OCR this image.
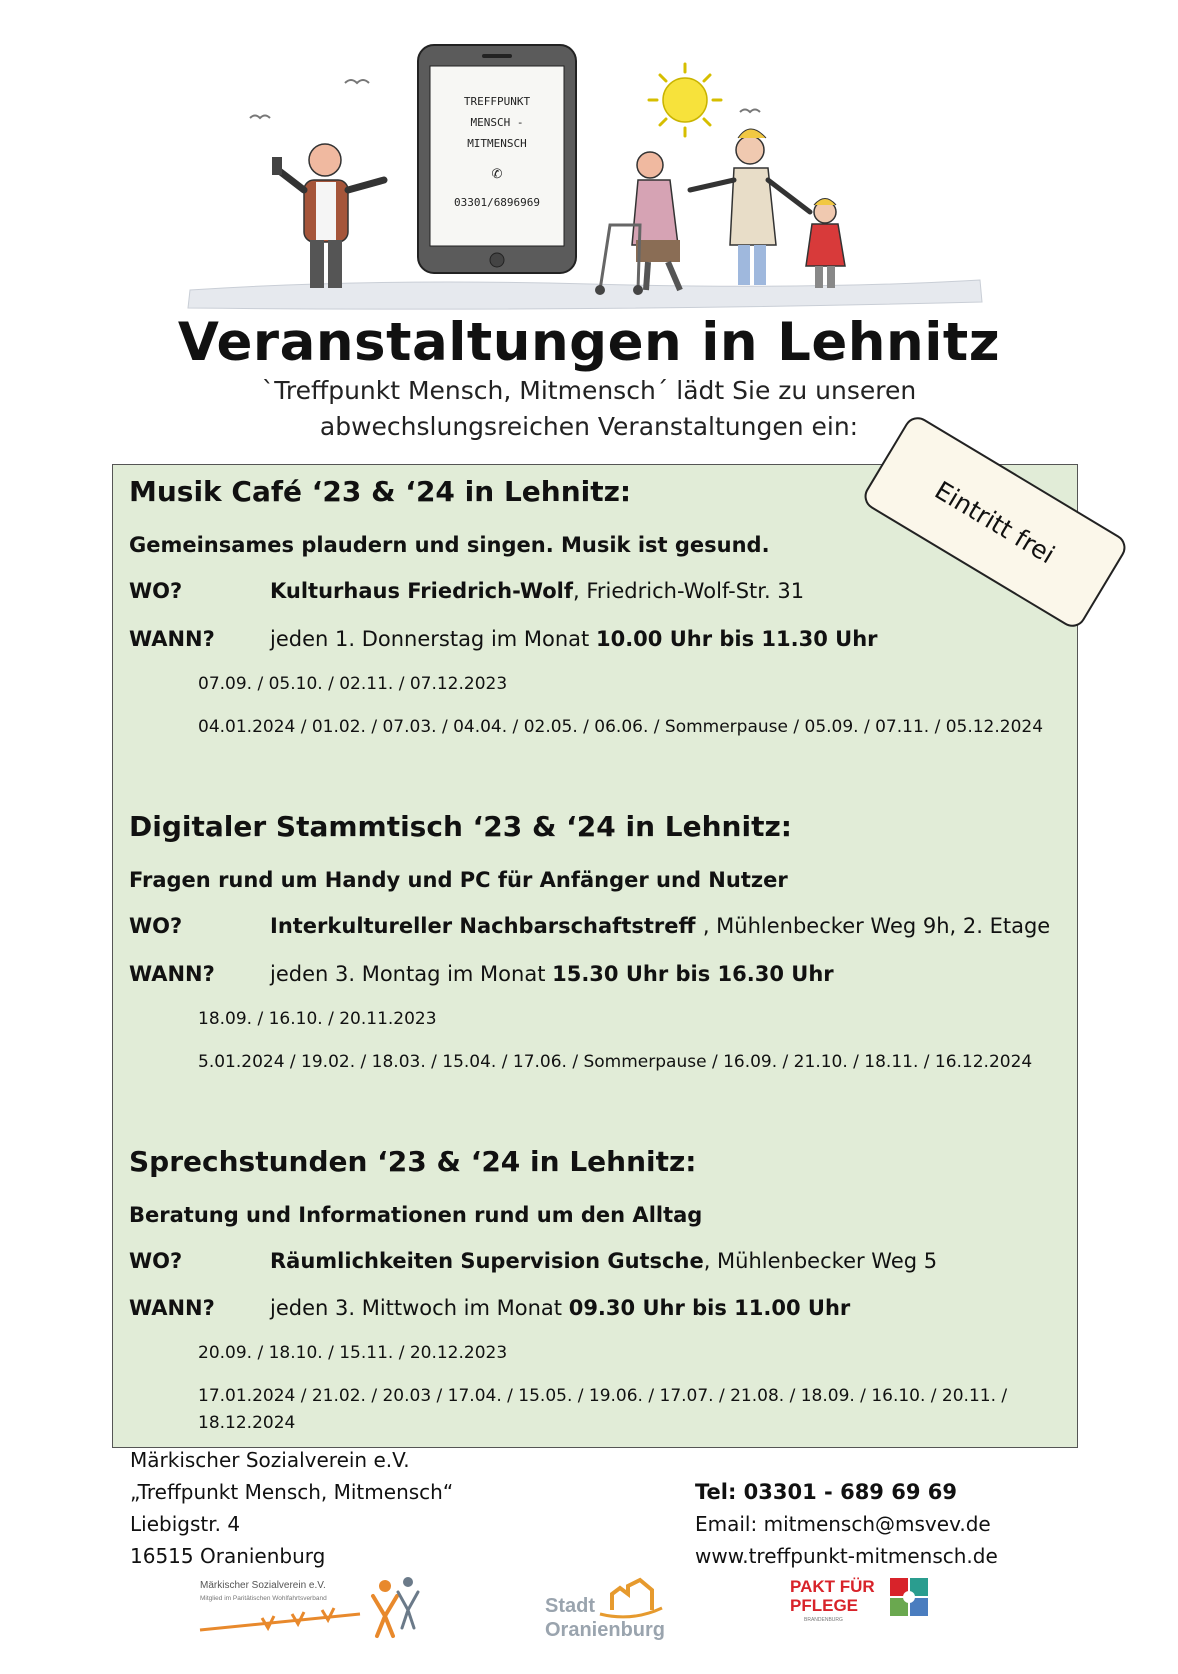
TREFFPUNKT
MENSCH -
MITMENSCH
✆
03301/6896969
Veranstaltungen in Lehnitz
`Treffpunkt Mensch, Mitmensch´ lädt Sie zu unseren
abwechslungsreichen Veranstaltungen ein:
Musik Café ‘23 & ‘24 in Lehnitz:
Gemeinsames plaudern und singen. Musik ist gesund.
WO?	Kulturhaus Friedrich-Wolf, Friedrich-Wolf-Str. 31
WANN?	jeden 1. Donnerstag im Monat 10.00 Uhr bis 11.30 Uhr
07.09. / 05.10. / 02.11. / 07.12.2023
04.01.2024 / 01.02. / 07.03. / 04.04. / 02.05. / 06.06. / Sommerpause / 05.09. / 07.11. / 05.12.2024
Digitaler Stammtisch ‘23 & ‘24 in Lehnitz:
Fragen rund um Handy und PC für Anfänger und Nutzer
WO?	Interkultureller Nachbarschaftstreff , Mühlenbecker Weg 9h, 2. Etage
WANN?	jeden 3. Montag im Monat 15.30 Uhr bis 16.30 Uhr
18.09. / 16.10. / 20.11.2023
5.01.2024 / 19.02. / 18.03. / 15.04. / 17.06. / Sommerpause / 16.09. / 21.10. / 18.11. / 16.12.2024
Sprechstunden ‘23 & ‘24 in Lehnitz:
Beratung und Informationen rund um den Alltag
WO?	Räumlichkeiten Supervision Gutsche, Mühlenbecker Weg 5
WANN?	jeden 3. Mittwoch im Monat 09.30 Uhr bis 11.00 Uhr
20.09. / 18.10. / 15.11. / 20.12.2023
17.01.2024 / 21.02. / 20.03 / 17.04. / 15.05. / 19.06. / 17.07. / 21.08. / 18.09. / 16.10. / 20.11. / 18.12.2024
Eintritt frei
Märkischer Sozialverein e.V.
„Treffpunkt Mensch, Mitmensch“
Liebigstr. 4
16515 Oranienburg
Tel: 03301 - 689 69 69
Email: mitmensch@msvev.de
www.treffpunkt-mitmensch.de
Märkischer Sozialverein e.V.
Mitglied im Paritätischen Wohlfahrtsverband	Stadt
Oranienburg
PAKT FÜR
PFLEGE
BRANDENBURG
